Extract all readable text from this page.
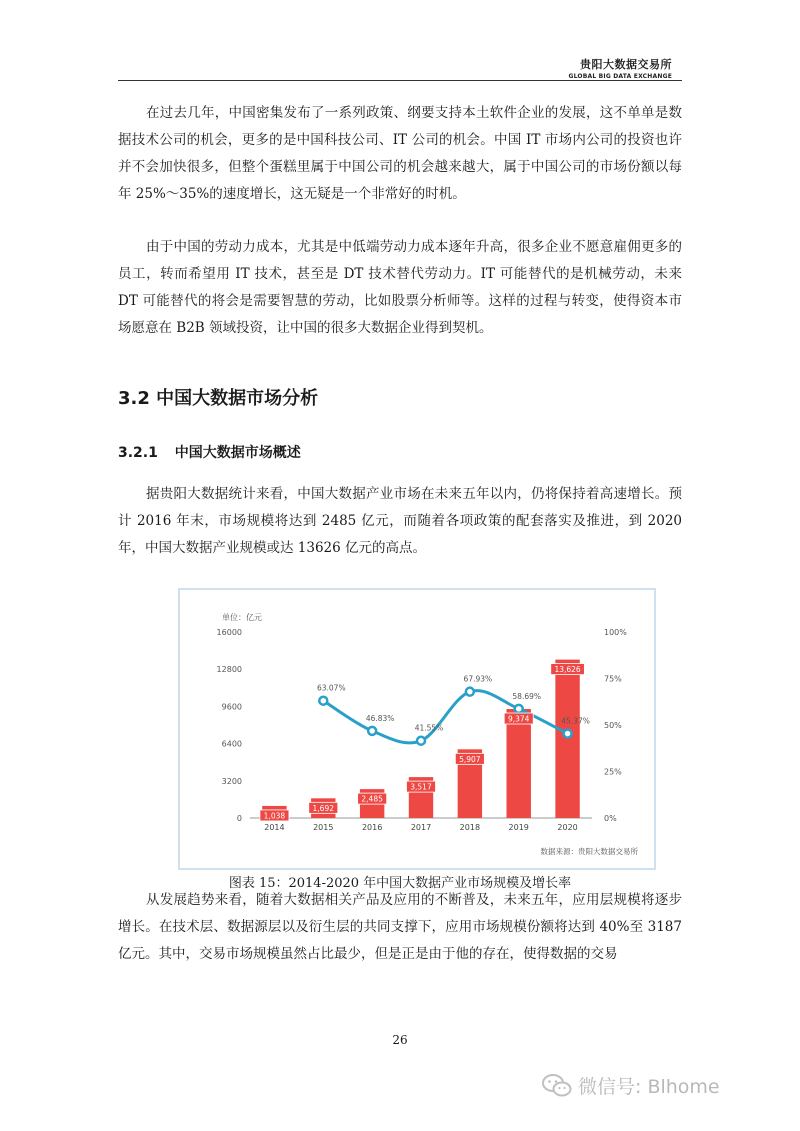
贵阳大数据交易所
GLOBAL BIG DATA EXCHANGE

在过去几年，中国密集发布了一系列政策、纲要支持本土软件企业的发展，这不单单是数据技术公司的机会，更多的是中国科技公司、IT 公司的机会。中国 IT 市场内公司的投资也许并不会加快很多，但整个蛋糕里属于中国公司的机会越来越大，属于中国公司的市场份额以每年 25%～35%的速度增长，这无疑是一个非常好的时机。

由于中国的劳动力成本，尤其是中低端劳动力成本逐年升高，很多企业不愿意雇佣更多的员工，转而希望用 IT 技术，甚至是 DT 技术替代劳动力。IT 可能替代的是机械劳动，未来 DT 可能替代的将会是需要智慧的劳动，比如股票分析师等。这样的过程与转变，使得资本市场愿意在 B2B 领域投资，让中国的很多大数据企业得到契机。

3.2 中国大数据市场分析
3.2.1 中国大数据市场概述

据贵阳大数据统计来看，中国大数据产业市场在未来五年以内，仍将保持着高速增长。预计 2016 年末，市场规模将达到 2485 亿元，而随着各项政策的配套落实及推进，到 2020 年，中国大数据产业规模或达 13626 亿元的高点。

单位：亿元
数据来源：贵阳大数据交易所
16000
12800
9600
6400
3200
0
100%
75%
50%
25%
0%
2014	2015	2016	2017	2018	2019	2020
1,038
1,692
2,485
3,517
5,907
9,374
13,626
63.07%
46.83%
41.55%
67.93%
58.69%
45.37%
图表 15：2014-2020 年中国大数据产业市场规模及增长率

从发展趋势来看，随着大数据相关产品及应用的不断普及，未来五年，应用层规模将逐步增长。在技术层、数据源层以及衍生层的共同支撑下，应用市场规模份额将达到 40%至 3187 亿元。其中，交易市场规模虽然占比最少，但是正是由于他的存在，使得数据的交易

26
微信号: Blhome
